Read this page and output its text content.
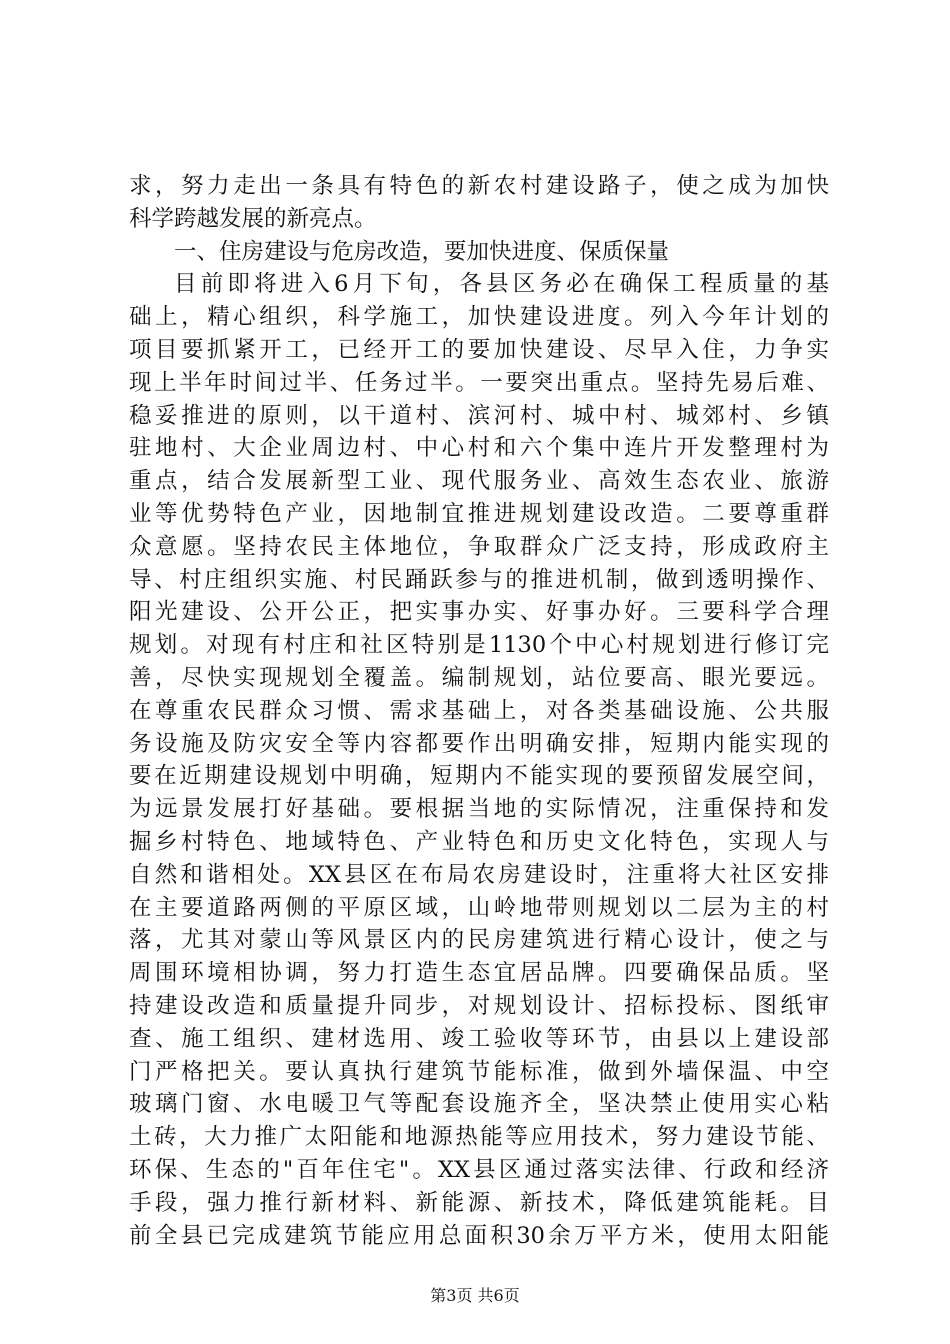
求，努力走出一条具有特色的新农村建设路子，使之成为加快
科学跨越发展的新亮点。
一、住房建设与危房改造，要加快进度、保质保量
目前即将进入6月下旬，各县区务必在确保工程质量的基
础上，精心组织，科学施工，加快建设进度。列入今年计划的
项目要抓紧开工，已经开工的要加快建设、尽早入住，力争实
现上半年时间过半、任务过半。一要突出重点。坚持先易后难、
稳妥推进的原则，以干道村、滨河村、城中村、城郊村、乡镇
驻地村、大企业周边村、中心村和六个集中连片开发整理村为
重点，结合发展新型工业、现代服务业、高效生态农业、旅游
业等优势特色产业，因地制宜推进规划建设改造。二要尊重群
众意愿。坚持农民主体地位，争取群众广泛支持，形成政府主
导、村庄组织实施、村民踊跃参与的推进机制，做到透明操作、
阳光建设、公开公正，把实事办实、好事办好。三要科学合理
规划。对现有村庄和社区特别是1130个中心村规划进行修订完
善，尽快实现规划全覆盖。编制规划，站位要高、眼光要远。
在尊重农民群众习惯、需求基础上，对各类基础设施、公共服
务设施及防灾安全等内容都要作出明确安排，短期内能实现的
要在近期建设规划中明确，短期内不能实现的要预留发展空间，
为远景发展打好基础。要根据当地的实际情况，注重保持和发
掘乡村特色、地域特色、产业特色和历史文化特色，实现人与
自然和谐相处。XX县区在布局农房建设时，注重将大社区安排
在主要道路两侧的平原区域，山岭地带则规划以二层为主的村
落，尤其对蒙山等风景区内的民房建筑进行精心设计，使之与
周围环境相协调，努力打造生态宜居品牌。四要确保品质。坚
持建设改造和质量提升同步，对规划设计、招标投标、图纸审
查、施工组织、建材选用、竣工验收等环节，由县以上建设部
门严格把关。要认真执行建筑节能标准，做到外墙保温、中空
玻璃门窗、水电暖卫气等配套设施齐全，坚决禁止使用实心粘
土砖，大力推广太阳能和地源热能等应用技术，努力建设节能、
环保、生态的"百年住宅"。XX县区通过落实法律、行政和经济
手段，强力推行新材料、新能源、新技术，降低建筑能耗。目
前全县已完成建筑节能应用总面积30余万平方米，使用太阳能
第3页 共6页
